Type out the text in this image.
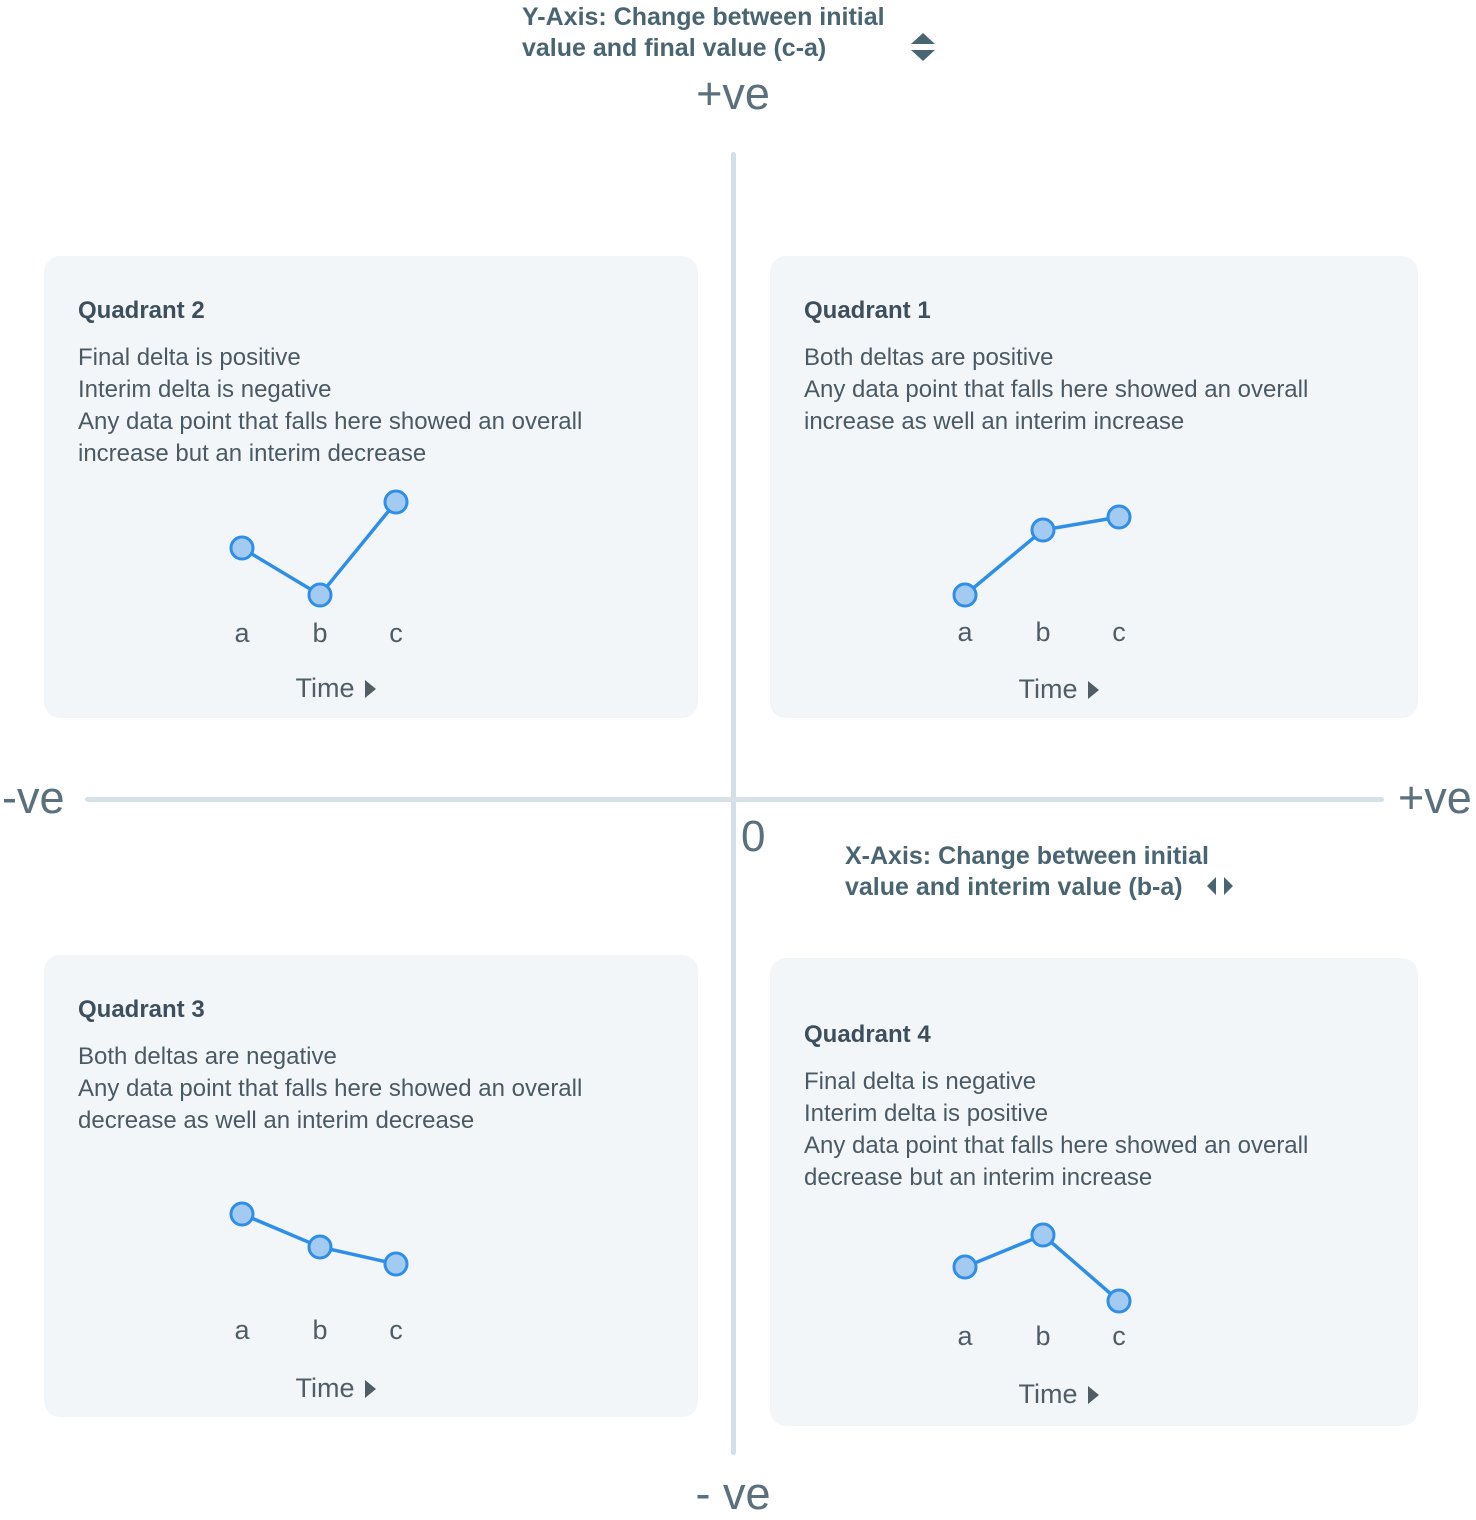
Y-Axis: Change between initial
value and final value (c-a)
+ve
-ve	+ve
0
- ve
X-Axis: Change between initial
value and interim value (b-a)
Quadrant 2
Final delta is positive
Interim delta is negative
Any data point that falls here showed an overall increase but an interim decrease
a b c
Time
Quadrant 1
Both deltas are positive
Any data point that falls here showed an overall increase as well an interim increase
a b c
Time
Quadrant 3
Both deltas are negative
Any data point that falls here showed an overall decrease as well an interim decrease
a b c
Time
Quadrant 4
Final delta is negative
Interim delta is positive
Any data point that falls here showed an overall decrease but an interim increase
a b c
Time
